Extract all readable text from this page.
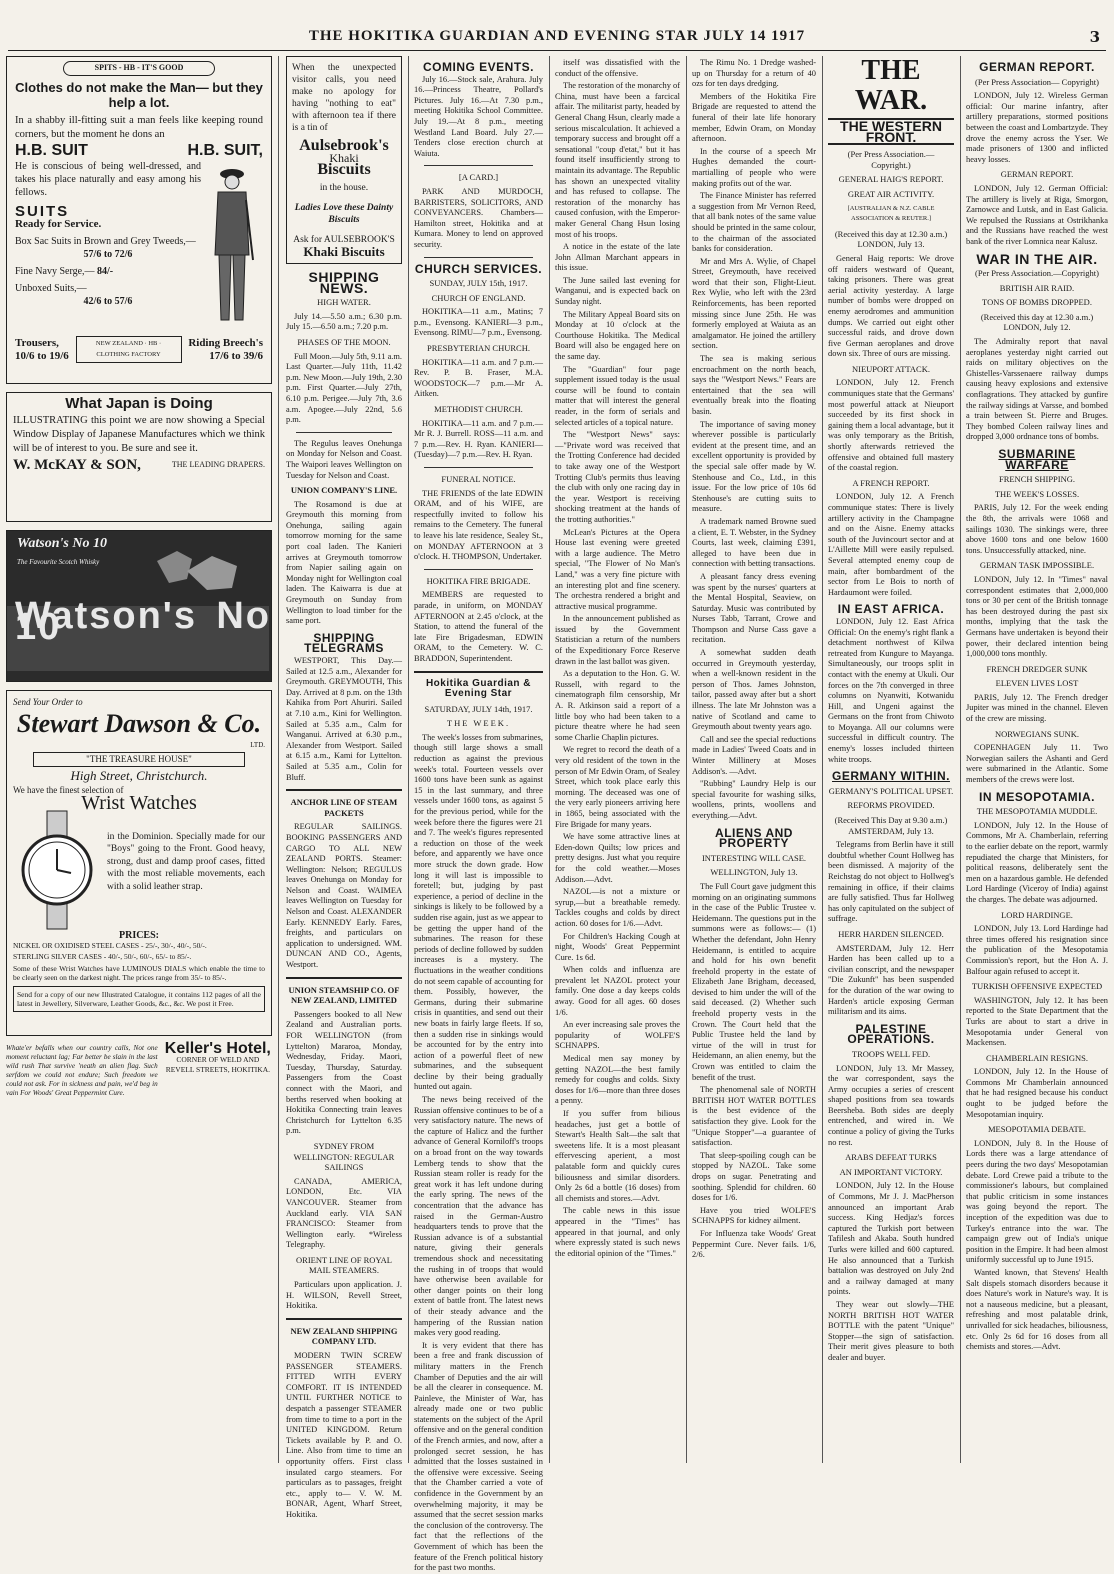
THE HOKITIKA GUARDIAN AND EVENING STAR JULY 14 1917	3
SPITS - HB - IT'S GOOD
Clothes do not make the Man— but they help a lot.
In a shabby ill-fitting suit a man feels like keeping round corners, but the moment he dons an
H.B. SUIT	H.B. SUIT,
He is conscious of being well-dressed, and takes his place naturally and easy among his fellows.
SUITS
Ready for Service.
Box Sac Suits in Brown and Grey Tweeds,—
57/6 to 72/6
Fine Navy Serge,— 84/-
Unboxed Suits,—
42/6 to 57/6
Trousers,
10/6 to 19/6
NEW ZEALAND · HB · CLOTHING FACTORY
Riding Breech's
17/6 to 39/6
What Japan is Doing
ILLUSTRATING this point we are now showing a Special Window Display of Japanese Manufactures which we think will be of interest to you. Be sure and see it.
W. McKAY & SON,	THE LEADING DRAPERS.
Watson's No 10
The Favourite Scotch Whisky
Watson's No 10
Send Your Order to
Stewart Dawson & Co.
LTD.
"THE TREASURE HOUSE"
High Street, Christchurch.
We have the finest selection of
Wrist Watches
in the Dominion. Specially made for our "Boys" going to the Front. Good heavy, strong, dust and damp proof cases, fitted with the most reliable movements, each with a solid leather strap.
PRICES:
NICKEL OR OXIDISED STEEL CASES - 25/-, 30/-, 40/-, 50/-.
STERLING SILVER CASES - 40/-, 50/-, 60/-, 65/- to 85/-.
Some of these Wrist Watches have LUMINOUS DIALS which enable the time to be clearly seen on the darkest night. The prices range from 35/- to 85/-.
Send for a copy of our new Illustrated Catalogue, it contains 112 pages of all the latest in Jewellery, Silverware, Leather Goods, &c., &c. We post it Free.
Whate'er befalls when our country calls, Not one moment reluctant lag; Far better be slain in the last wild rush That survive 'neath an alien flag. Such serfdom we could not endure; Such freedom we could not ask. For in sickness and pain, we'd beg in vain For Woods' Great Peppermint Cure.
Keller's Hotel,
CORNER OF WELD AND REVELL STREETS, HOKITIKA.
When the unexpected visitor calls, you need make no apology for having "nothing to eat" with afternoon tea if there is a tin of
Aulsebrook's
Khaki
Biscuits
in the house.
Ladies Love these Dainty Biscuits
Ask for AULSEBROOK'S
Khaki Biscuits
SHIPPING NEWS.
HIGH WATER.
July 14.—5.50 a.m.; 6.30 p.m. July 15.—6.50 a.m.; 7.20 p.m.
PHASES OF THE MOON.
Full Moon.—July 5th, 9.11 a.m. Last Quarter.—July 11th, 11.42 p.m. New Moon.—July 19th, 2.30 p.m. First Quarter.—July 27th, 6.10 p.m. Perigee.—July 7th, 3.6 a.m. Apogee.—July 22nd, 5.6 p.m.
The Regulus leaves Onehunga on Monday for Nelson and Coast. The Waipori leaves Wellington on Tuesday for Nelson and Coast.
UNION COMPANY'S LINE.
The Rosamond is due at Greymouth this morning from Onehunga, sailing again tomorrow morning for the same port coal laden. The Kanieri arrives at Greymouth tomorrow from Napier sailing again on Monday night for Wellington coal laden. The Kaiwarra is due at Greymouth on Sunday from Wellington to load timber for the same port.
SHIPPING TELEGRAMS
WESTPORT, This Day.—Sailed at 12.5 a.m., Alexander for Greymouth. GREYMOUTH, This Day. Arrived at 8 p.m. on the 13th Kahika from Port Ahuriri. Sailed at 7.10 a.m., Kini for Wellington. Sailed at 5.35 a.m., Calm for Wanganui. Arrived at 6.30 p.m., Alexander from Westport. Sailed at 6.15 a.m., Kami for Lyttelton. Sailed at 5.35 a.m., Colin for Bluff.
ANCHOR LINE OF STEAM PACKETS
REGULAR SAILINGS. BOOKING PASSENGERS AND CARGO TO ALL NEW ZEALAND PORTS. Steamer: Wellington: Nelson; REGULUS leaves Onehunga on Monday for Nelson and Coast. WAIMEA leaves Wellington on Tuesday for Nelson and Coast. ALEXANDER Early. KENNEDY Early. Fares, freights, and particulars on application to undersigned. WM. DUNCAN AND CO., Agents, Westport.
UNION STEAMSHIP CO. OF NEW ZEALAND, LIMITED
Passengers booked to all New Zealand and Australian ports. FOR WELLINGTON (from Lyttelton) Mararoa, Monday, Wednesday, Friday. Maori, Tuesday, Thursday, Saturday. Passengers from the Coast connect with the Maori, and berths reserved when booking at Hokitika Connecting train leaves Christchurch for Lyttelton 6.35 p.m.
SYDNEY FROM WELLINGTON: REGULAR SAILINGS
CANADA, AMERICA, LONDON, Etc. VIA VANCOUVER. Steamer from Auckland early. VIA SAN FRANCISCO: Steamer from Wellington early. *Wireless Telegraphy.
ORIENT LINE OF ROYAL MAIL STEAMERS.
Particulars upon application. J. H. WILSON, Revell Street, Hokitika.
NEW ZEALAND SHIPPING COMPANY LTD.
MODERN TWIN SCREW PASSENGER STEAMERS. FITTED WITH EVERY COMFORT. IT IS INTENDED UNTIL FURTHER NOTICE to despatch a passenger STEAMER from time to time to a port in the UNITED KINGDOM. Return Tickets available by P. and O. Line. Also from time to time an opportunity offers. First class insulated cargo steamers. For particulars as to passages, freight etc., apply to— V. W. M. BONAR, Agent, Wharf Street, Hokitika.
COMING EVENTS.
July 16.—Stock sale, Arahura. July 16.—Princess Theatre, Pollard's Pictures. July 16.—At 7.30 p.m., meeting Hokitika School Committee. July 19.—At 8 p.m., meeting Westland Land Board. July 27.—Tenders close erection church at Waiuta.
[A CARD.]
PARK AND MURDOCH, BARRISTERS, SOLICITORS, AND CONVEYANCERS. Chambers—Hamilton street, Hokitika and at Kumara. Money to lend on approved security.
CHURCH SERVICES.
SUNDAY, JULY 15th, 1917.
CHURCH OF ENGLAND.
HOKITIKA—11 a.m., Matins; 7 p.m., Evensong. KANIERI—3 p.m., Evensong. RIMU—7 p.m., Evensong.
PRESBYTERIAN CHURCH.
HOKITIKA—11 a.m. and 7 p.m.—Rev. P. B. Fraser, M.A. WOODSTOCK—7 p.m.—Mr A. Aitken.
METHODIST CHURCH.
HOKITIKA—11 a.m. and 7 p.m.—Mr R. J. Burrell. ROSS—11 a.m. and 7 p.m.—Rev. H. Ryan. KANIERI—(Tuesday)—7 p.m.—Rev. H. Ryan.
FUNERAL NOTICE.
THE FRIENDS of the late EDWIN ORAM, and of his WIFE, are respectfully invited to follow his remains to the Cemetery. The funeral to leave his late residence, Sealey St., on MONDAY AFTERNOON at 3 o'clock. H. THOMPSON, Undertaker.
HOKITIKA FIRE BRIGADE.
MEMBERS are requested to parade, in uniform, on MONDAY AFTERNOON at 2.45 o'clock, at the Station, to attend the funeral of the late Fire Brigadesman, EDWIN ORAM, to the Cemetery. W. C. BRADDON, Superintendent.
Hokitika Guardian & Evening Star
SATURDAY, JULY 14th, 1917.
THE WEEK.
The week's losses from submarines, though still large shows a small reduction as against the previous week's total. Fourteen vessels over 1600 tons have been sunk as against 15 in the last summary, and three vessels under 1600 tons, as against 5 for the previous period, while for the week before there the figures were 21 and 7. The week's figures represented a reduction on those of the week before, and apparently we have once more struck the down grade. How long it will last is impossible to foretell; but, judging by past experience, a period of decline in the sinkings is likely to be followed by a sudden rise again, just as we appear to be getting the upper hand of the submarines. The reason for these periods of decline followed by sudden increases is a mystery. The fluctuations in the weather conditions do not seem capable of accounting for them. Possibly, however, the Germans, during their submarine crisis in quantities, and send out their new boats in fairly large fleets. If so, then a sudden rise in sinkings would be accounted for by the entry into action of a powerful fleet of new submarines, and the subsequent decline by their being gradually hunted out again.
The news being received of the Russian offensive continues to be of a very satisfactory nature. The news of the capture of Halicz and the further advance of General Korniloff's troops on a broad front on the way towards Lemberg tends to show that the Russian steam roller is ready for the great work it has left undone during the early spring. The news of the concentration that the advance has raised in the German-Austro headquarters tends to prove that the Russian advance is of a substantial nature, giving their generals tremendous shock and necessitating the rushing in of troops that would have otherwise been available for other danger points on their long extent of battle front. The latest news of their steady advance and the hampering of the Russian nation makes very good reading.
It is very evident that there has been a free and frank discussion of military matters in the French Chamber of Deputies and the air will be all the clearer in consequence. M. Painleve, the Minister of War, has already made one or two public statements on the subject of the April offensive and on the general condition of the French armies, and now, after a prolonged secret session, he has admitted that the losses sustained in the offensive were excessive. Seeing that the Chamber carried a vote of confidence in the Government by an overwhelming majority, it may be assumed that the secret session marks the conclusion of the controversy. The fact that the reflections of the Government of which has been the feature of the French political history for the past two months.
itself was dissatisfied with the conduct of the offensive.
The restoration of the monarchy of China, must have been a farcical affair. The militarist party, headed by General Chang Hsun, clearly made a serious miscalculation. It achieved a temporary success and brought off a sensational "coup d'etat," but it has found itself insufficiently strong to maintain its advantage. The Republic has shown an unexpected vitality and has refused to collapse. The restoration of the monarchy has caused confusion, with the Emperor-maker General Chang Hsun losing most of his troops.
A notice in the estate of the late John Allman Marchant appears in this issue.
The June sailed last evening for Wanganui, and is expected back on Sunday night.
The Military Appeal Board sits on Monday at 10 o'clock at the Courthouse Hokitika. The Medical Board will also be engaged here on the same day.
The "Guardian" four page supplement issued today is the usual course will be found to contain matter that will interest the general reader, in the form of serials and selected articles of a topical nature.
The "Westport News" says:—"Private word was received that the Trotting Conference had decided to take away one of the Westport Trotting Club's permits thus leaving the club with only one racing day in the year. Westport is receiving shocking treatment at the hands of the trotting authorities."
McLean's Pictures at the Opera House last evening were greeted with a large audience. The Metro special, "The Flower of No Man's Land," was a very fine picture with an interesting plot and fine scenery. The orchestra rendered a bright and attractive musical programme.
In the announcement published as issued by the Government Statistician a return of the numbers of the Expeditionary Force Reserve drawn in the last ballot was given.
As a deputation to the Hon. G. W. Russell, with regard to the cinematograph film censorship, Mr A. R. Atkinson said a report of a little boy who had been taken to a picture theatre where he had seen some Charlie Chaplin pictures.
We regret to record the death of a very old resident of the town in the person of Mr Edwin Oram, of Sealey Street, which took place early this morning. The deceased was one of the very early pioneers arriving here in 1865, being associated with the Fire Brigade for many years.
We have some attractive lines at Eden-down Quilts; low prices and pretty designs. Just what you require for the cold weather.—Moses Addison.—Advt.
NAZOL—is not a mixture or syrup,—but a breathable remedy. Tackles coughs and colds by direct action. 60 doses for 1/6.—Advt.
For Children's Hacking Cough at night, Woods' Great Peppermint Cure. 1s 6d.
When colds and influenza are prevalent let NAZOL protect your family. One dose a day keeps colds away. Good for all ages. 60 doses 1/6.
An ever increasing sale proves the popularity of WOLFE'S SCHNAPPS.
Medical men say money by getting NAZOL—the best family remedy for coughs and colds. Sixty doses for 1/6—more than three doses a penny.
If you suffer from bilious headaches, just get a bottle of Stewart's Health Salt—the salt that sweetens life. It is a most pleasant effervescing aperient, a most palatable form and quickly cures biliousness and similar disorders. Only 2s 6d a bottle (16 doses) from all chemists and stores.—Advt.
The cable news in this issue appeared in the "Times" has appeared in that journal, and only where expressly stated is such news the editorial opinion of the "Times."
The Rimu No. 1 Dredge washed-up on Thursday for a return of 40 ozs for ten days dredging.
Members of the Hokitika Fire Brigade are requested to attend the funeral of their late life honorary member, Edwin Oram, on Monday afternoon.
In the course of a speech Mr Hughes demanded the court-martialling of people who were making profits out of the war.
The Finance Minister has referred a suggestion from Mr Vernon Reed, that all bank notes of the same value should be printed in the same colour, to the chairman of the associated banks for consideration.
Mr and Mrs A. Wylie, of Chapel Street, Greymouth, have received word that their son, Flight-Lieut. Rex Wylie, who left with the 23rd Reinforcements, has been reported missing since June 25th. He was formerly employed at Waiuta as an amalgamator. He joined the artillery section.
The sea is making serious encroachment on the north beach, says the "Westport News." Fears are entertained that the sea will eventually break into the floating basin.
The importance of saving money wherever possible is particularly evident at the present time, and an excellent opportunity is provided by the special sale offer made by W. Stenhouse and Co., Ltd., in this issue. For the low price of 10s 6d Stenhouse's are cutting suits to measure.
A trademark named Browne sued a client, E. T. Webster, in the Sydney Courts, last week, claiming £391, alleged to have been due in connection with betting transactions.
A pleasant fancy dress evening was spent by the nurses' quarters at the Mental Hospital, Seaview, on Saturday. Music was contributed by Nurses Tabb, Tarrant, Crowe and Thompson and Nurse Cass gave a recitation.
A somewhat sudden death occurred in Greymouth yesterday, when a well-known resident in the person of Thos. James Johnston, tailor, passed away after but a short illness. The late Mr Johnston was a native of Scotland and came to Greymouth about twenty years ago.
Call and see the special reductions made in Ladies' Tweed Coats and in Winter Millinery at Moses Addison's. —Advt.
"Rubbing" Laundry Help is our special favourite for washing silks, woollens, prints, woollens and everything.—Advt.
ALIENS AND PROPERTY
INTERESTING WILL CASE.
WELLINGTON, July 13.
The Full Court gave judgment this morning on an originating summons in the case of the Public Trustee v. Heidemann. The questions put in the summons were as follows:— (1) Whether the defendant, John Henry Heidemann, is entitled to acquire and hold for his own benefit freehold property in the estate of Elizabeth Jane Brigham, deceased, devised to him under the will of the said deceased. (2) Whether such freehold property vests in the Crown. The Court held that the Public Trustee held the land by virtue of the will in trust for Heidemann, an alien enemy, but the Crown was entitled to claim the benefit of the trust.
The phenomenal sale of NORTH BRITISH HOT WATER BOTTLES is the best evidence of the satisfaction they give. Look for the "Unique Stopper"—a guarantee of satisfaction.
That sleep-spoiling cough can be stopped by NAZOL. Take some drops on sugar. Penetrating and soothing. Splendid for children. 60 doses for 1/6.
Have you tried WOLFE'S SCHNAPPS for kidney ailment.
For Influenza take Woods' Great Peppermint Cure. Never fails. 1/6, 2/6.
THE WAR.
THE WESTERN FRONT.
(Per Press Association.—Copyright.)
GENERAL HAIG'S REPORT.
GREAT AIR ACTIVITY.
[AUSTRALIAN & N.Z. CABLE ASSOCIATION & REUTER.]
(Received this day at 12.30 a.m.) LONDON, July 13.
General Haig reports: We drove off raiders westward of Queant, taking prisoners. There was great aerial activity yesterday. A large number of bombs were dropped on enemy aerodromes and ammunition dumps. We carried out eight other successful raids, and drove down five German aeroplanes and drove down six. Three of ours are missing.
NIEUPORT ATTACK.
LONDON, July 12. French communiques state that the Germans' most powerful attack at Nieuport succeeded by its first shock in gaining them a local advantage, but it was only temporary as the British, shortly afterwards retrieved the offensive and obtained full mastery of the coastal region.
A FRENCH REPORT.
LONDON, July 12. A French communique states: There is lively artillery activity in the Champagne and on the Aisne. Enemy attacks south of the Juvincourt sector and at L'Aillette Mill were easily repulsed. Several attempted enemy coup de main, after bombardment of the sector from Le Bois to north of Hardaumont were foiled.
IN EAST AFRICA.
LONDON, July 12. East Africa Official: On the enemy's right flank a detachment northwest of Kilwa retreated from Kungure to Mayanga. Simultaneously, our troops split in contact with the enemy at Ukuli. Our forces on the 7th converged in three columns on Nyanwiti, Kotwanidu Hill, and Ungeni against the Germans on the front from Chiwoto to Moyanga. All our columns were successful in difficult country. The enemy's losses included thirteen white troops.
GERMANY WITHIN.
GERMANY'S POLITICAL UPSET.
REFORMS PROVIDED.
(Received This Day at 9.30 a.m.) AMSTERDAM, July 13.
Telegrams from Berlin have it still doubtful whether Count Hollweg has been dismissed. A majority of the Reichstag do not object to Hollweg's remaining in office, if their claims are fully satisfied. Thus far Hollweg has only capitulated on the subject of suffrage.
HERR HARDEN SILENCED.
AMSTERDAM, July 12. Herr Harden has been called up to a civilian conscript, and the newspaper "Die Zukunft" has been suspended for the duration of the war owing to Harden's article exposing German militarism and its aims.
PALESTINE OPERATIONS.
TROOPS WELL FED.
LONDON, July 13. Mr Massey, the war correspondent, says the Army occupies a series of crescent shaped positions from sea towards Beersheba. Both sides are deeply entrenched, and wired in. We continue a policy of giving the Turks no rest.
ARABS DEFEAT TURKS
AN IMPORTANT VICTORY.
LONDON, July 12. In the House of Commons, Mr J. J. MacPherson announced an important Arab success. King Hedjaz's forces captured the Turkish port between Tafilesh and Akaba. South hundred Turks were killed and 600 captured. He also announced that a Turkish battalion was destroyed on July 2nd and a railway damaged at many points.
They wear out slowly—THE NORTH BRITISH HOT WATER BOTTLE with the patent "Unique" Stopper—the sign of satisfaction. Their merit gives pleasure to both dealer and buyer.
GERMAN REPORT.
(Per Press Association— Copyright)
LONDON, July 12. Wireless German official: Our marine infantry, after artillery preparations, stormed positions between the coast and Lombartzyde. They drove the enemy across the Yser. We made prisoners of 1300 and inflicted heavy losses.
GERMAN REPORT.
LONDON, July 12. German Official: The artillery is lively at Riga, Smorgon, Zarnowce and Lutsk, and in East Galicia. We repulsed the Russians at Ostrikhanka and the Russians have reached the west bank of the river Lomnica near Kalusz.
WAR IN THE AIR.
(Per Press Association.—Copyright)
BRITISH AIR RAID.
TONS OF BOMBS DROPPED.
(Received this day at 12.30 a.m.) LONDON, July 12.
The Admiralty report that naval aeroplanes yesterday night carried out raids on military objectives on the Ghistelles-Varssenaere railway dumps causing heavy explosions and extensive conflagrations. They attacked by gunfire the railway sidings at Varsse, and bombed a train between St. Pierre and Bruges. They bombed Coleen railway lines and dropped 3,000 ordnance tons of bombs.
SUBMARINE WARFARE
FRENCH SHIPPING.
THE WEEK'S LOSSES.
PARIS, July 12. For the week ending the 8th, the arrivals were 1068 and sailings 1030. The sinkings were, three above 1600 tons and one below 1600 tons. Unsuccessfully attacked, nine.
GERMAN TASK IMPOSSIBLE.
LONDON, July 12. In "Times" naval correspondent estimates that 2,000,000 tons or 30 per cent of the British tonnage has been destroyed during the past six months, implying that the task the Germans have undertaken is beyond their power, their declared intention being 1,000,000 tons monthly.
FRENCH DREDGER SUNK
ELEVEN LIVES LOST
PARIS, July 12. The French dredger Jupiter was mined in the channel. Eleven of the crew are missing.
NORWEGIANS SUNK.
COPENHAGEN July 11. Two Norwegian sailers the Ashanti and Gerd were submarined in the Atlantic. Some members of the crews were lost.
IN MESOPOTAMIA.
THE MESOPOTAMIA MUDDLE.
LONDON, July 12. In the House of Commons, Mr A. Chamberlain, referring to the earlier debate on the report, warmly repudiated the charge that Ministers, for political reasons, deliberately sent the men on a hazardous gamble. He defended Lord Hardinge (Viceroy of India) against the charges. The debate was adjourned.
LORD HARDINGE.
LONDON, July 13. Lord Hardinge had three times offered his resignation since the publication of the Mesopotamia Commission's report, but the Hon A. J. Balfour again refused to accept it.
TURKISH OFFENSIVE EXPECTED
WASHINGTON, July 12. It has been reported to the State Department that the Turks are about to start a drive in Mesopotamia under General von Mackensen.
CHAMBERLAIN RESIGNS.
LONDON, July 12. In the House of Commons Mr Chamberlain announced that he had resigned because his conduct ought to be judged before the Mesopotamian inquiry.
MESOPOTAMIA DEBATE.
LONDON, July 8. In the House of Lords there was a large attendance of peers during the two days' Mesopotamian debate. Lord Crewe paid a tribute to the commissioner's labours, but complained that public criticism in some instances was going beyond the report. The inception of the expedition was due to Turkey's entrance into the war. The campaign grew out of India's unique position in the Empire. It had been almost uniformly successful up to June 1915.
Wanted known, that Stevens' Health Salt dispels stomach disorders because it does Nature's work in Nature's way. It is not a nauseous medicine, but a pleasant, refreshing and most palatable drink, unrivalled for sick headaches, biliousness, etc. Only 2s 6d for 16 doses from all chemists and stores.—Advt.
